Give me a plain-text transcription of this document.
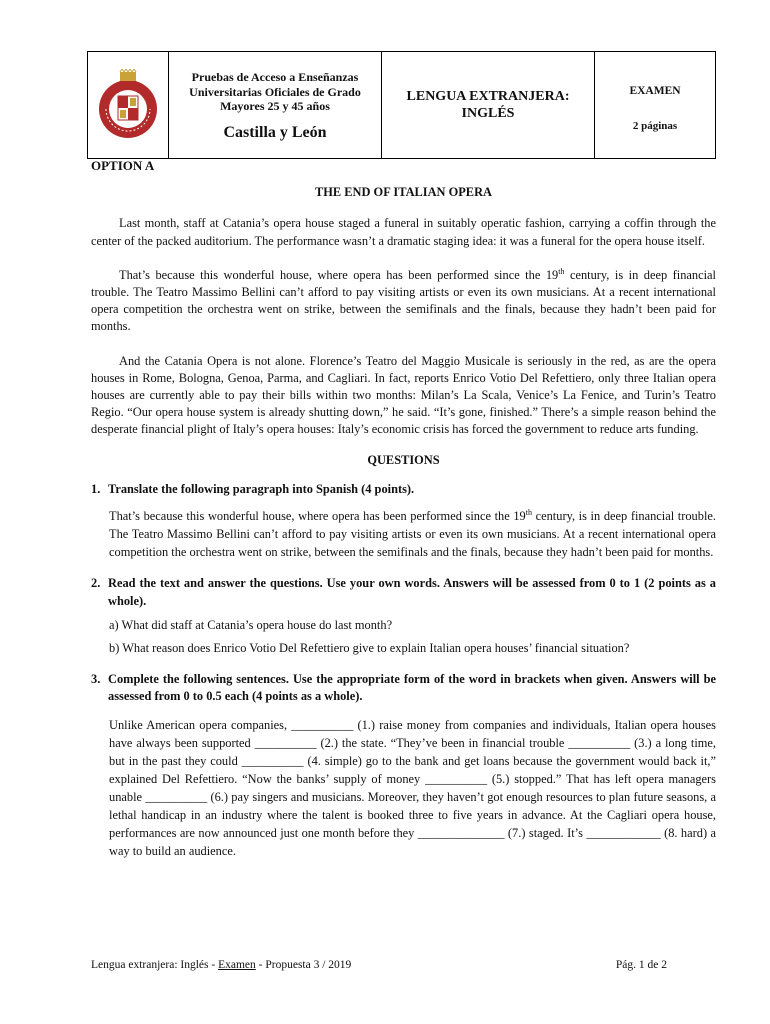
Pruebas de Acceso a Enseñanzas
Universitarias Oficiales de Grado
Mayores 25 y 45 años
Castilla y León
LENGUA EXTRANJERA:
INGLÉS
EXAMEN
2 páginas

OPTION A

THE END OF ITALIAN OPERA

Last month, staff at Catania’s opera house staged a funeral in suitably operatic fashion, carrying a coffin through the center of the packed auditorium. The performance wasn’t a dramatic staging idea: it was a funeral for the opera house itself.

That’s because this wonderful house, where opera has been performed since the 19th century, is in deep financial trouble. The Teatro Massimo Bellini can’t afford to pay visiting artists or even its own musicians. At a recent international opera competition the orchestra went on strike, between the semifinals and the finals, because they hadn’t been paid for months.

And the Catania Opera is not alone. Florence’s Teatro del Maggio Musicale is seriously in the red, as are the opera houses in Rome, Bologna, Genoa, Parma, and Cagliari. In fact, reports Enrico Votio Del Refettiero, only three Italian opera houses are currently able to pay their bills within two months: Milan’s La Scala, Venice’s La Fenice, and Turin’s Teatro Regio. “Our opera house system is already shutting down,” he said. “It’s gone, finished.” There’s a simple reason behind the desperate financial plight of Italy’s opera houses: Italy’s economic crisis has forced the government to reduce arts funding.

QUESTIONS

1. Translate the following paragraph into Spanish (4 points).
That’s because this wonderful house, where opera has been performed since the 19th century, is in deep financial trouble. The Teatro Massimo Bellini can’t afford to pay visiting artists or even its own musicians. At a recent international opera competition the orchestra went on strike, between the semifinals and the finals, because they hadn’t been paid for months.
2. Read the text and answer the questions. Use your own words. Answers will be assessed from 0 to 1 (2 points as a whole).
a) What did staff at Catania’s opera house do last month?
b) What reason does Enrico Votio Del Refettiero give to explain Italian opera houses’ financial situation?
3. Complete the following sentences. Use the appropriate form of the word in brackets when given. Answers will be assessed from 0 to 0.5 each (4 points as a whole).
Unlike American opera companies, __________ (1.) raise money from companies and individuals, Italian opera houses have always been supported __________ (2.) the state. “They’ve been in financial trouble __________ (3.) a long time, but in the past they could __________ (4. simple) go to the bank and get loans because the government would back it,” explained Del Refettiero. “Now the banks’ supply of money __________ (5.) stopped.” That has left opera managers unable __________ (6.) pay singers and musicians. Moreover, they haven’t got enough resources to plan future seasons, a lethal handicap in an industry where the talent is booked three to five years in advance. At the Cagliari opera house, performances are now announced just one month before they ______________ (7.) staged. It’s ____________ (8. hard) a way to build an audience.
Lengua extranjera: Inglés - Examen - Propuesta 3 / 2019	Pág. 1 de 2
